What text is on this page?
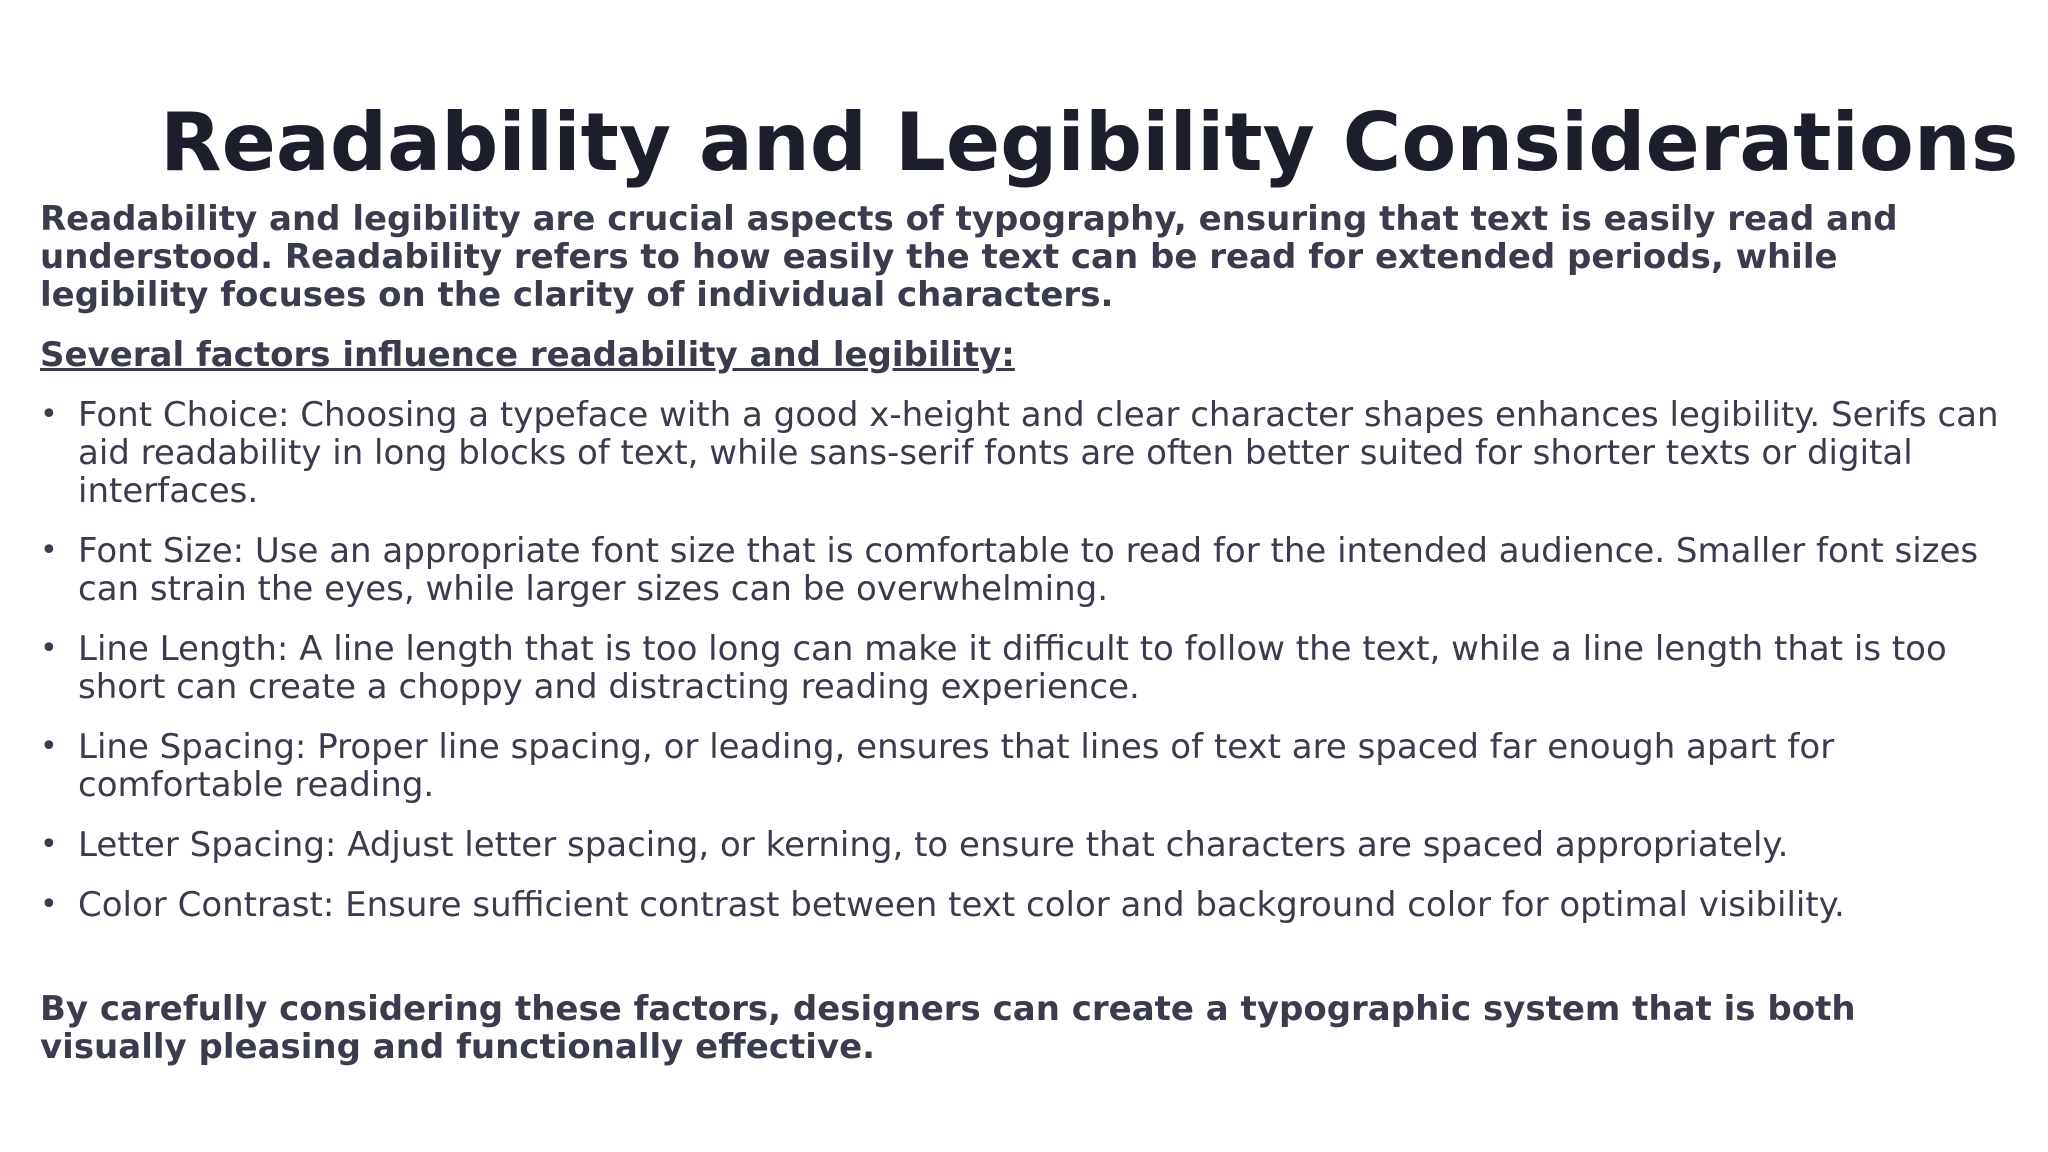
Readability and Legibility Considerations

Readability and legibility are crucial aspects of typography, ensuring that text is easily read and understood. Readability refers to how easily the text can be read for extended periods, while legibility focuses on the clarity of individual characters.

Several factors influence readability and legibility:

• Font Choice: Choosing a typeface with a good x-height and clear character shapes enhances legibility. Serifs can aid readability in long blocks of text, while sans-serif fonts are often better suited for shorter texts or digital interfaces.
• Font Size: Use an appropriate font size that is comfortable to read for the intended audience. Smaller font sizes can strain the eyes, while larger sizes can be overwhelming.
• Line Length: A line length that is too long can make it difficult to follow the text, while a line length that is too short can create a choppy and distracting reading experience.
• Line Spacing: Proper line spacing, or leading, ensures that lines of text are spaced far enough apart for comfortable reading.
• Letter Spacing: Adjust letter spacing, or kerning, to ensure that characters are spaced appropriately.
• Color Contrast: Ensure sufficient contrast between text color and background color for optimal visibility.

By carefully considering these factors, designers can create a typographic system that is both visually pleasing and functionally effective.
